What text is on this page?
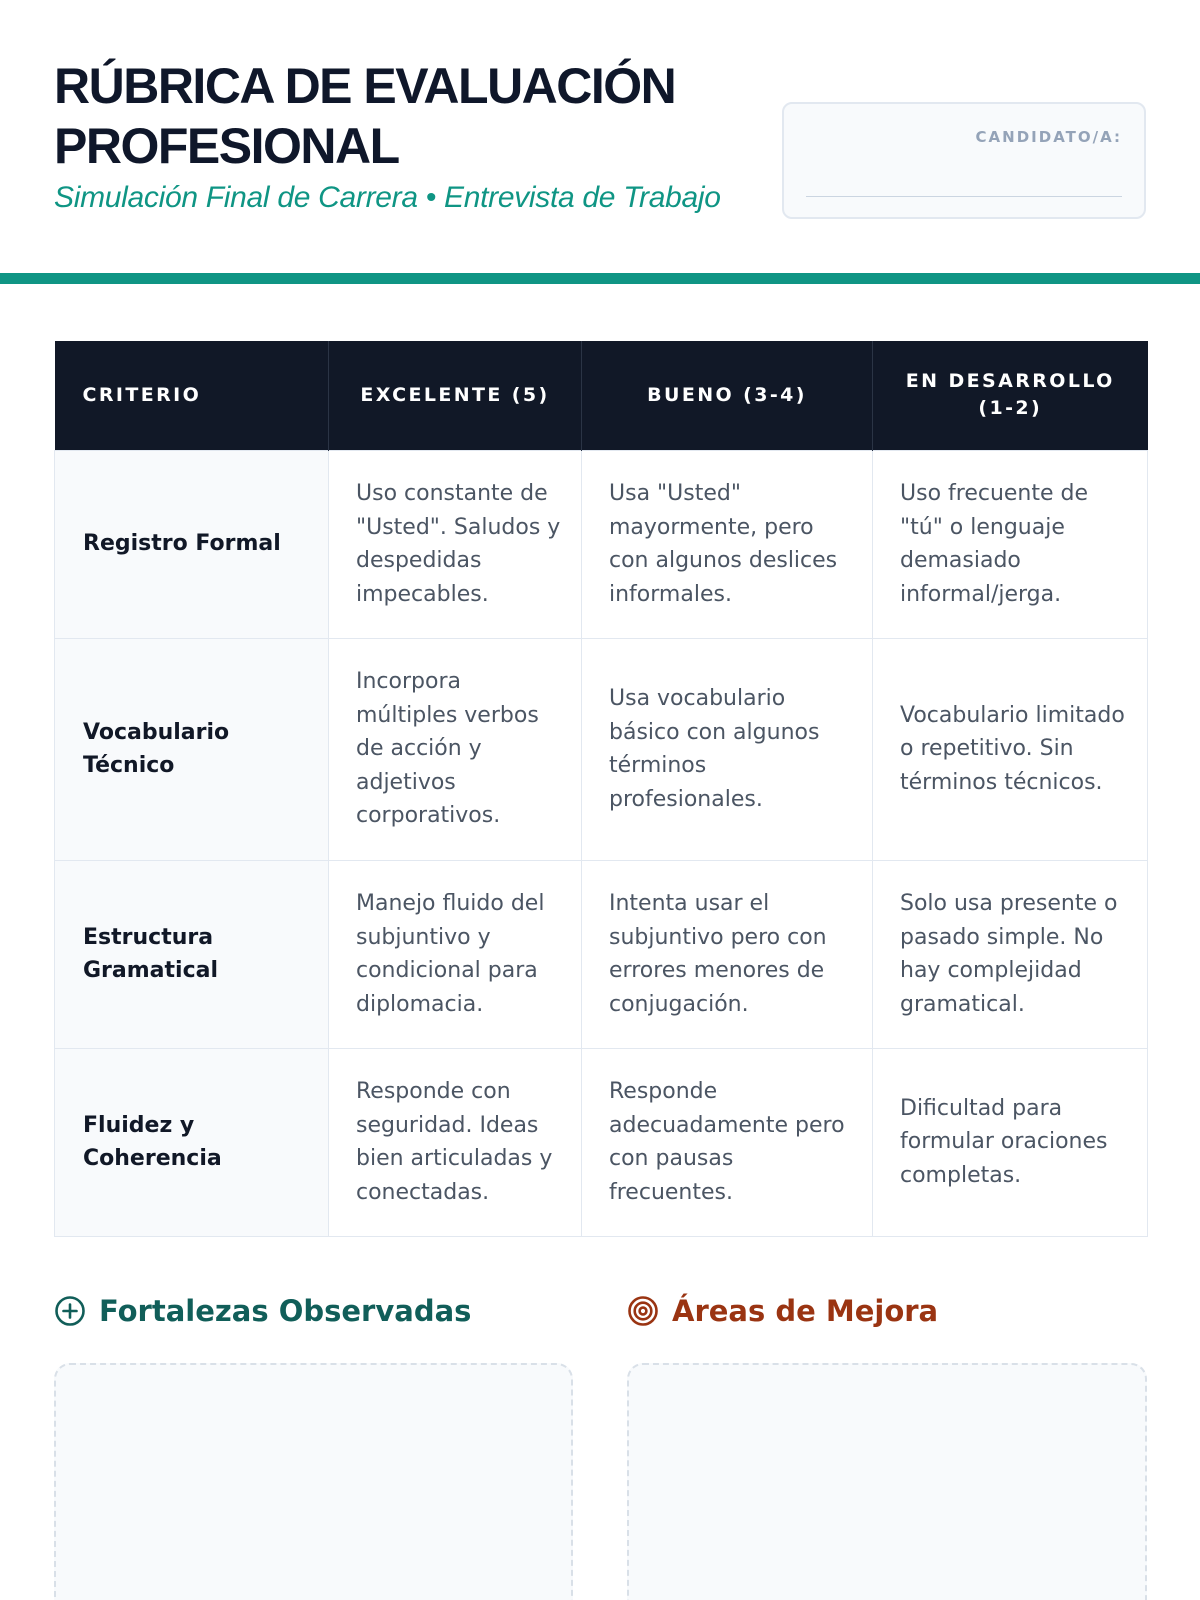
RÚBRICA DE EVALUACIÓN
PROFESIONAL
Simulación Final de Carrera • Entrevista de Trabajo
CANDIDATO/A:
CRITERIO	EXCELENTE (5)	BUENO (3-4)	EN DESARROLLO (1-2)
Registro Formal	Uso constante de "Usted". Saludos y despedidas impecables.	Usa "Usted" mayormente, pero con algunos deslices informales.	Uso frecuente de "tú" o lenguaje demasiado informal/jerga.
Vocabulario Técnico	Incorpora múltiples verbos de acción y adjetivos corporativos.	Usa vocabulario básico con algunos términos profesionales.	Vocabulario limitado o repetitivo. Sin términos técnicos.
Estructura Gramatical	Manejo fluido del subjuntivo y condicional para diplomacia.	Intenta usar el subjuntivo pero con errores menores de conjugación.	Solo usa presente o pasado simple. No hay complejidad gramatical.
Fluidez y Coherencia	Responde con seguridad. Ideas bien articuladas y conectadas.	Responde adecuadamente pero con pausas frecuentes.	Dificultad para formular oraciones completas.
Fortalezas Observadas	Áreas de Mejora
